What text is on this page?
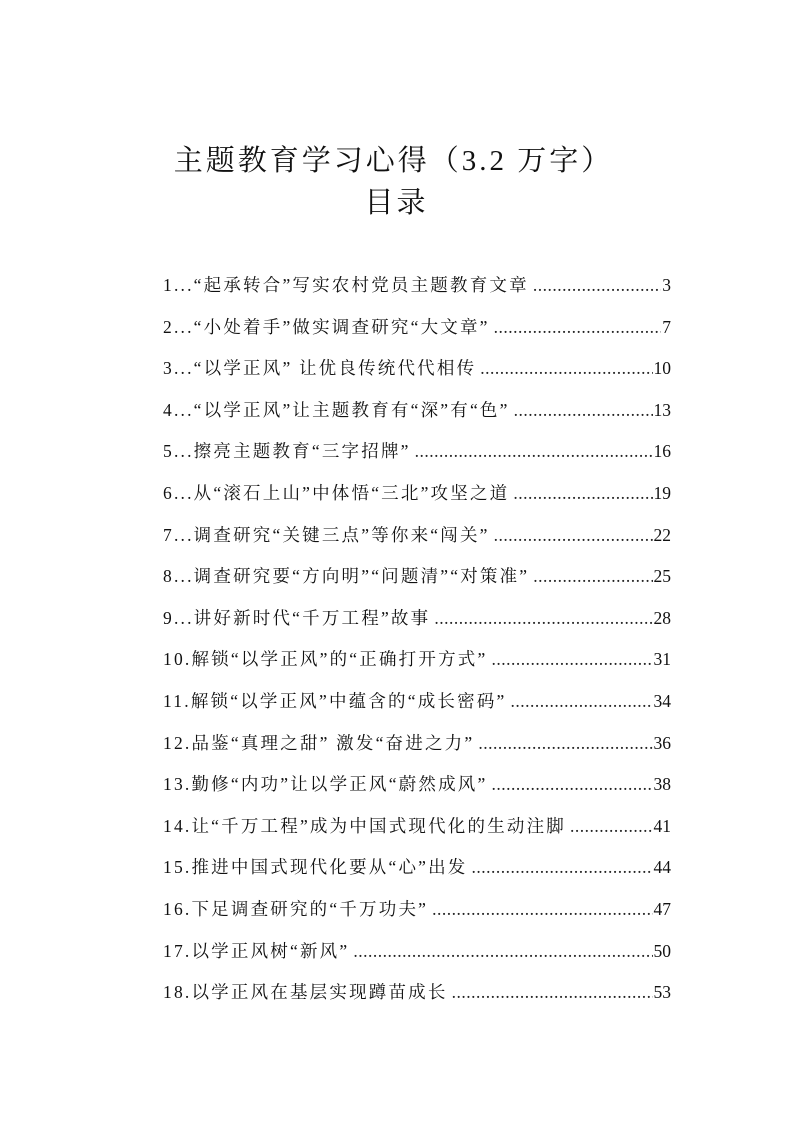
主题教育学习心得（3.2 万字）
目录
1...“起承转合”写实农村党员主题教育文章 .....	3
2...“小处着手”做实调查研究“大文章” .....	7
3...“以学正风” 让优良传统代代相传 .....	10
4...“以学正风”让主题教育有“深”有“色” .....	13
5...擦亮主题教育“三字招牌” .....	16
6...从“滚石上山”中体悟“三北”攻坚之道 .....	19
7...调查研究“关键三点”等你来“闯关” .....	22
8...调查研究要“方向明”“问题清”“对策准” .....	25
9...讲好新时代“千万工程”故事 .....	28
10.解锁“以学正风”的“正确打开方式” .....	31
11.解锁“以学正风”中蕴含的“成长密码” .....	34
12.品鉴“真理之甜” 激发“奋进之力” .....	36
13.勤修“内功”让以学正风“蔚然成风” .....	38
14.让“千万工程”成为中国式现代化的生动注脚 .....	41
15.推进中国式现代化要从“心”出发 .....	44
16.下足调查研究的“千万功夫” .....	47
17.以学正风树“新风” .....	50
18.以学正风在基层实现蹲苗成长 .....	53
